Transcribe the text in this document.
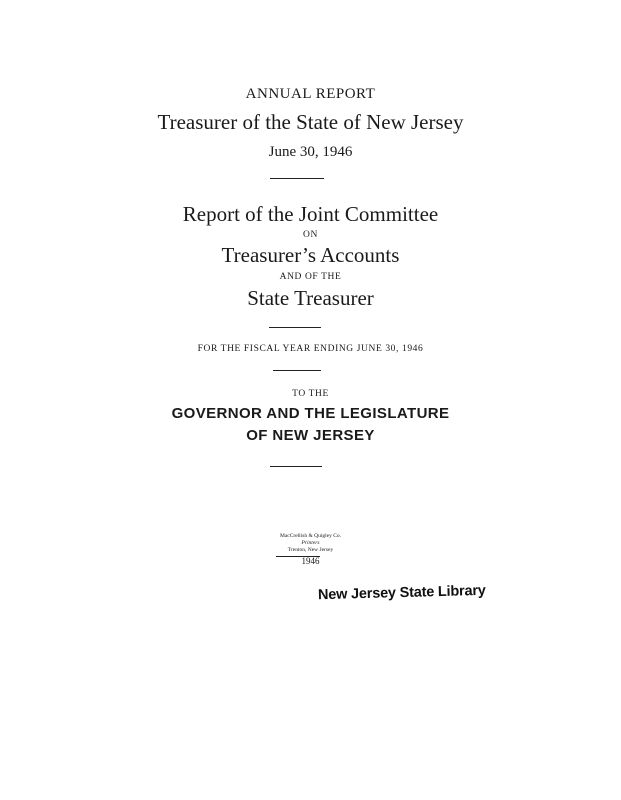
ANNUAL REPORT
Treasurer of the State of New Jersey
June 30, 1946
Report of the Joint Committee
ON
Treasurer’s Accounts
AND OF THE
State Treasurer
FOR THE FISCAL YEAR ENDING JUNE 30, 1946
TO THE
GOVERNOR AND THE LEGISLATURE
OF NEW JERSEY
MacCrellish & Quigley Co.
Printers
Trenton, New Jersey
1946
New Jersey State Library
